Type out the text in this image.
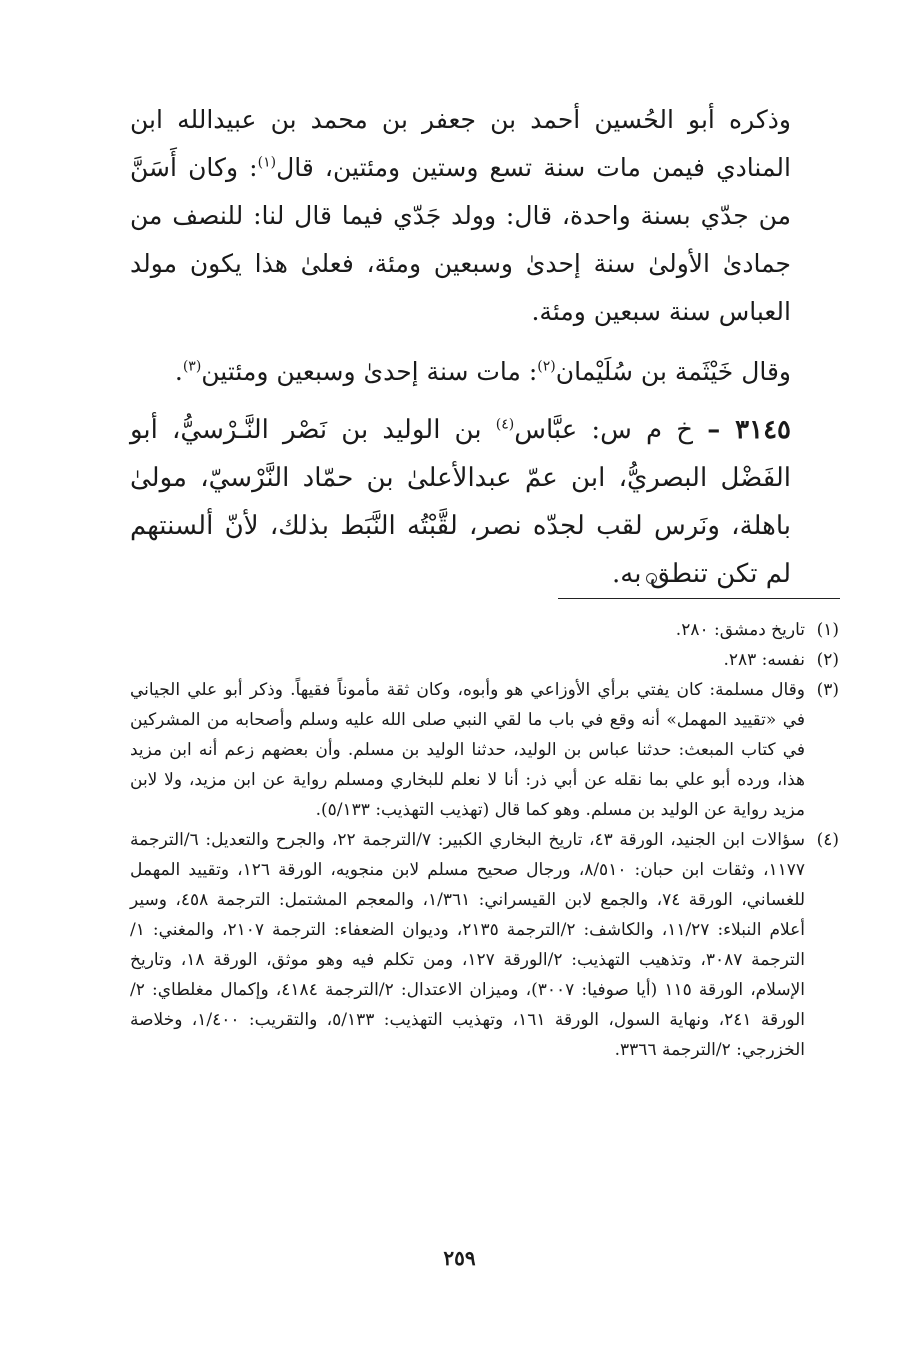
وذكره أبو الحُسين أحمد بن جعفر بن محمد بن عبيدالله ابن المنادي فيمن مات سنة تسع وستين ومئتين، قال$^{(١)}$: وكان أَسَنَّ من جدّي بسنة واحدة، قال: وولد جَدّي فيما قال لنا: للنصف من جمادىٰ الأولىٰ سنة إحدىٰ وسبعين ومئة، فعلىٰ هذا يكون مولد العباس سنة سبعين ومئة.

وقال خَيْثَمة بن سُلَيْمان$^{(٢)}$: مات سنة إحدىٰ وسبعين ومئتين$^{(٣)}$.

٣١٤٥ – خ م س: عبَّاس$^{(٤)}$ بن الوليد بن نَصْر النَّـرْسيُّ، أبو الفَضْل البصريُّ، ابن عمّ عبدالأعلىٰ بن حمّاد النَّرْسيّ، مولىٰ باهلة، ونَرس لقب لجدّه نصر، لقَّبْتُه النَّبَط بذلك، لأنّ ألسنتهم لم تكن تنطق به.

(١)
تاريخ دمشق: ٢٨٠.
(٢)
نفسه: ٢٨٣.
(٣)
وقال مسلمة: كان يفتي برأي الأوزاعي هو وأبوه، وكان ثقة مأموناً فقيهاً. وذكر أبو علي الجياني في «تقييد المهمل» أنه وقع في باب ما لقي النبي صلى الله عليه وسلم وأصحابه من المشركين في كتاب المبعث: حدثنا عباس بن الوليد، حدثنا الوليد بن مسلم. وأن بعضهم زعم أنه ابن مزيد هذا، ورده أبو علي بما نقله عن أبي ذر: أنا لا نعلم للبخاري ومسلم رواية عن ابن مزيد، ولا لابن مزيد رواية عن الوليد بن مسلم. وهو كما قال (تهذيب التهذيب: ٥/١٣٣).
(٤)
سؤالات ابن الجنيد، الورقة ٤٣، تاريخ البخاري الكبير: ٧/الترجمة ٢٢، والجرح والتعديل: ٦/الترجمة ١١٧٧، وثقات ابن حبان: ٨/٥١٠، ورجال صحيح مسلم لابن منجويه، الورقة ١٢٦، وتقييد المهمل للغساني، الورقة ٧٤، والجمع لابن القيسراني: ١/٣٦١، والمعجم المشتمل: الترجمة ٤٥٨، وسير أعلام النبلاء: ١١/٢٧، والكاشف: ٢/الترجمة ٢١٣٥، وديوان الضعفاء: الترجمة ٢١٠٧، والمغني: ١/الترجمة ٣٠٨٧، وتذهيب التهذيب: ٢/الورقة ١٢٧، ومن تكلم فيه وهو موثق، الورقة ١٨، وتاريخ الإسلام، الورقة ١١٥ (أيا صوفيا: ٣٠٠٧)، وميزان الاعتدال: ٢/الترجمة ٤١٨٤، وإكمال مغلطاي: ٢/الورقة ٢٤١، ونهاية السول، الورقة ١٦١، وتهذيب التهذيب: ٥/١٣٣، والتقريب: ١/٤٠٠، وخلاصة الخزرجي: ٢/الترجمة ٣٣٦٦.
٢٥٩
